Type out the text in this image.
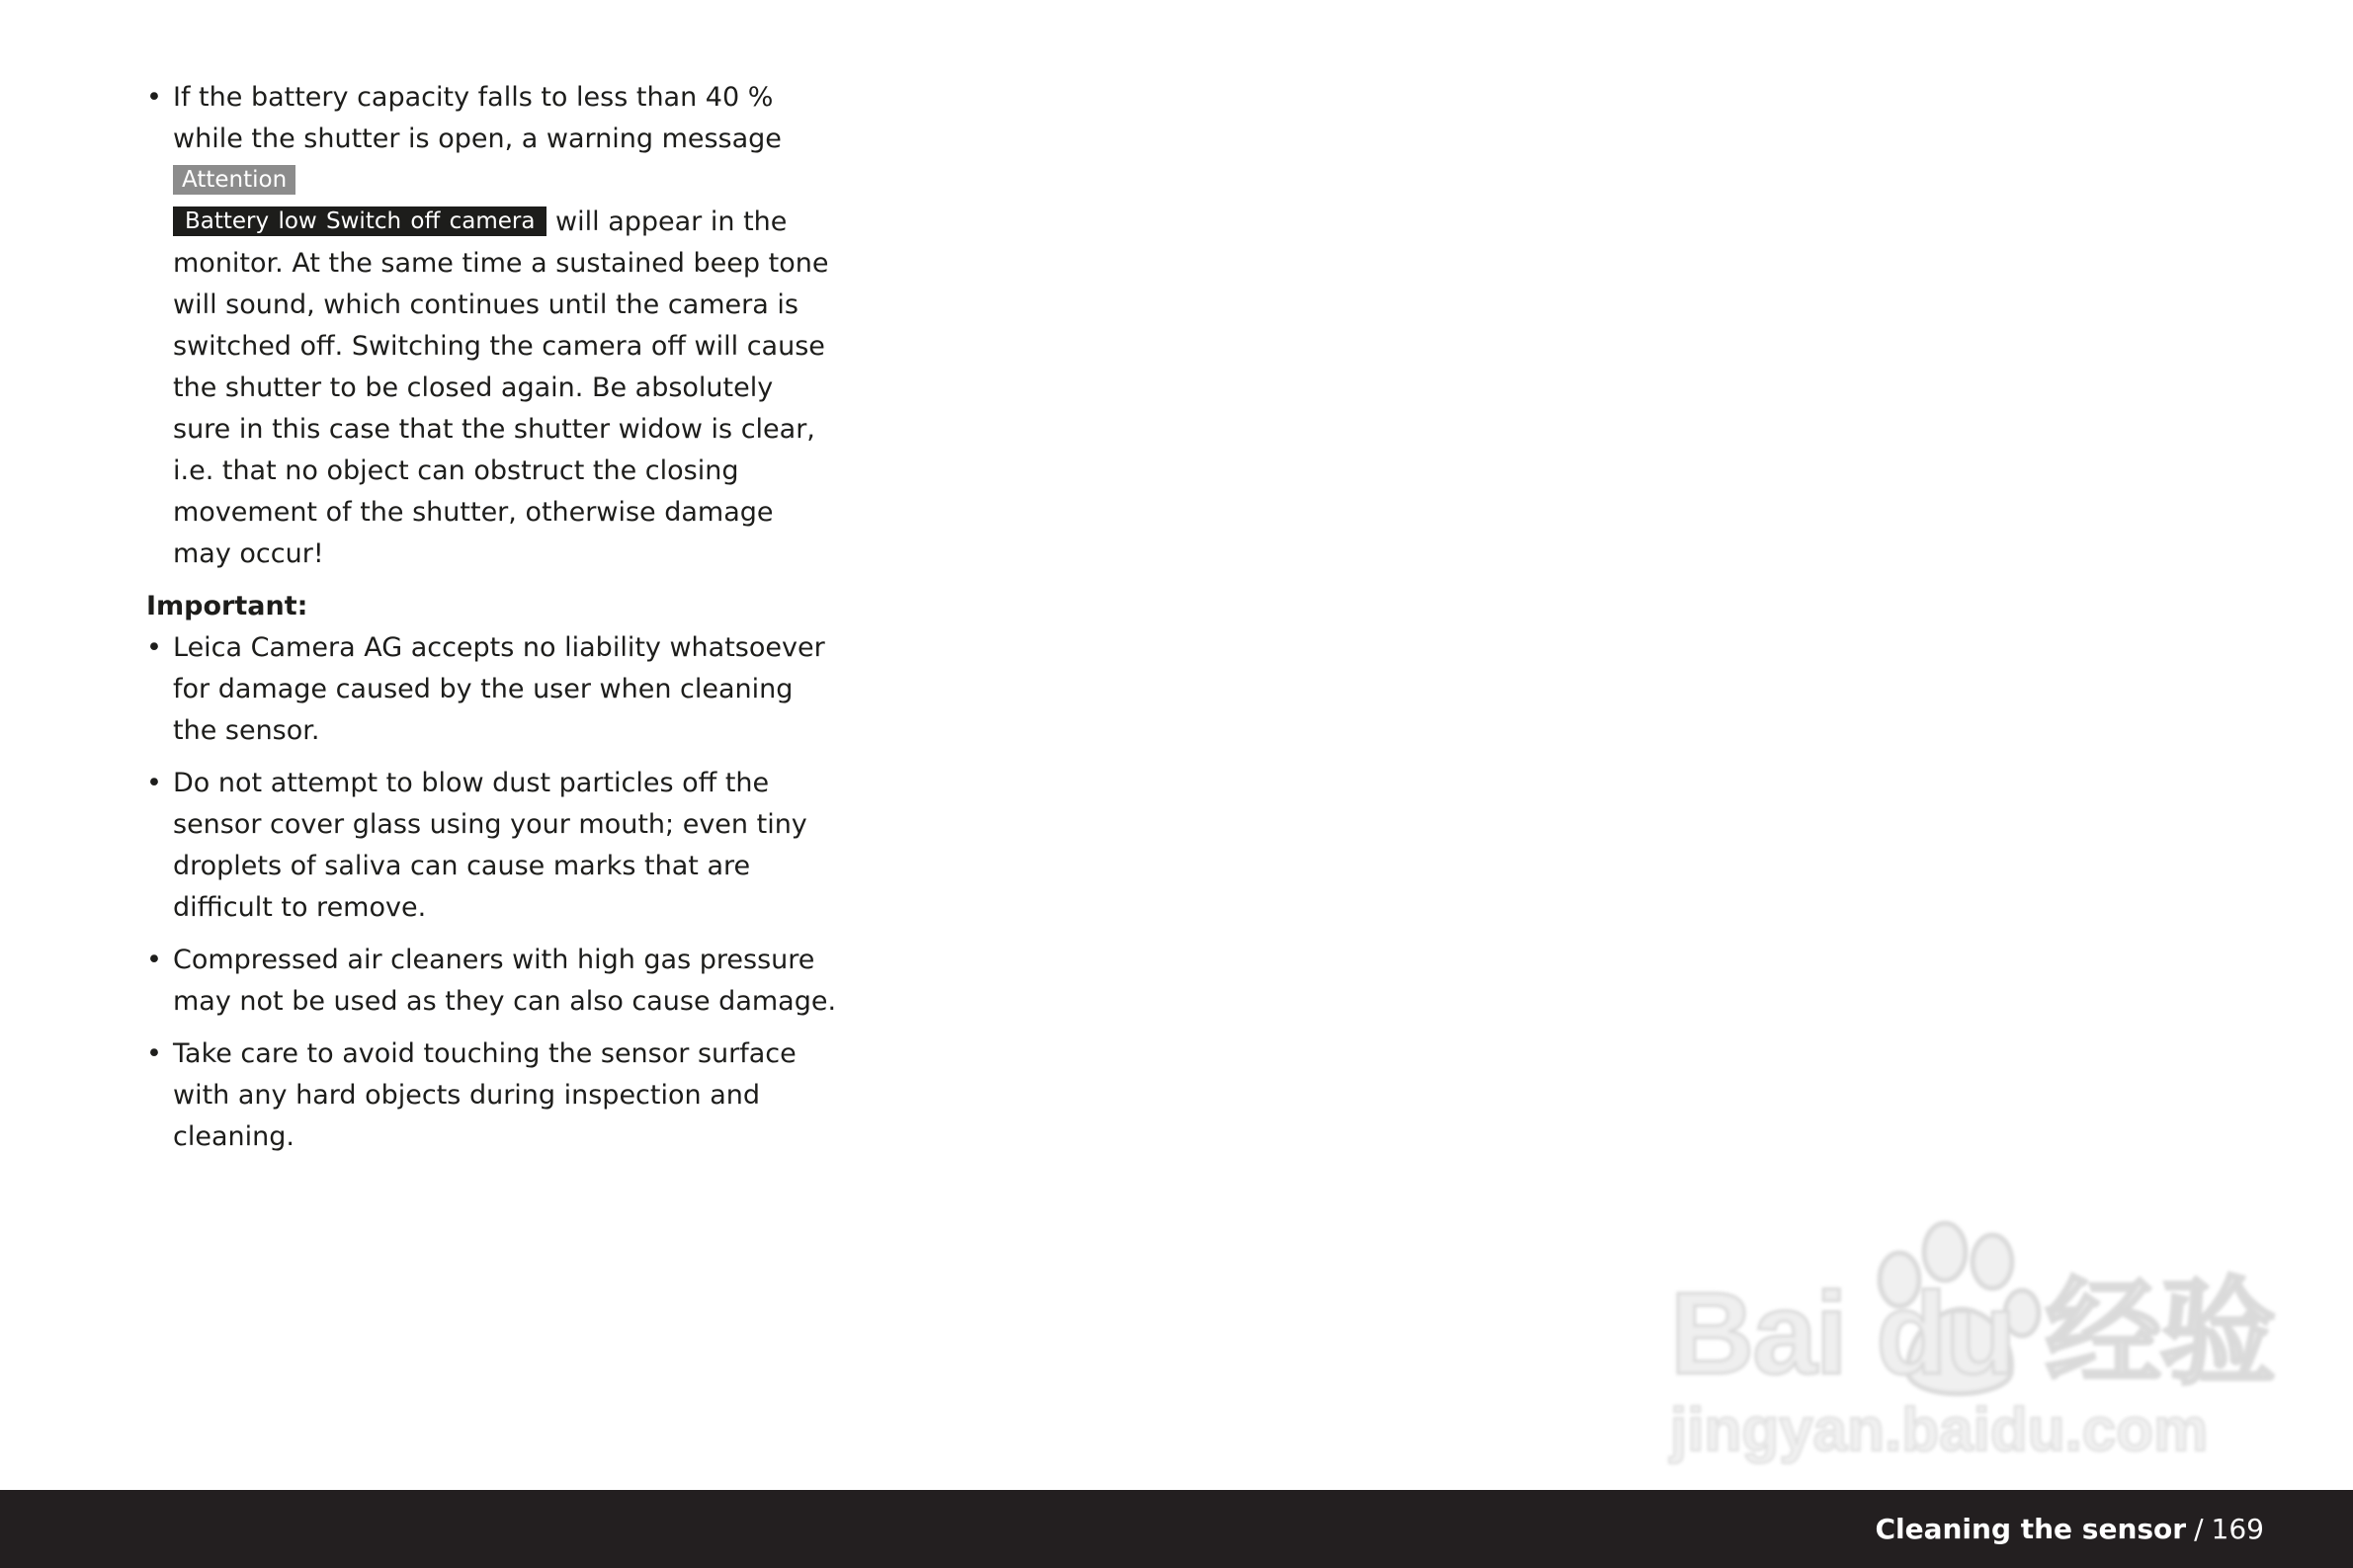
• If the battery capacity falls to less than 40 % while the shutter is open, a warning message Attention
Battery low Switch off camera will appear in the monitor. At the same time a sustained beep tone will sound, which continues until the camera is switched off. Switching the camera off will cause the shutter to be closed again. Be absolutely sure in this case that the shutter widow is clear, i.e. that no object can obstruct the closing movement of the shutter, otherwise damage may occur!

Important:

• Leica Camera AG accepts no liability whatsoever for damage caused by the user when cleaning the sensor.

• Do not attempt to blow dust particles off the sensor cover glass using your mouth; even tiny droplets of saliva can cause marks that are difficult to remove.

• Compressed air cleaners with high gas pressure may not be used as they can also cause damage.

• Take care to avoid touching the sensor surface with any hard objects during inspection and cleaning.

Bai du 经验
jingyan.baidu.com
Cleaning the sensor / 169
